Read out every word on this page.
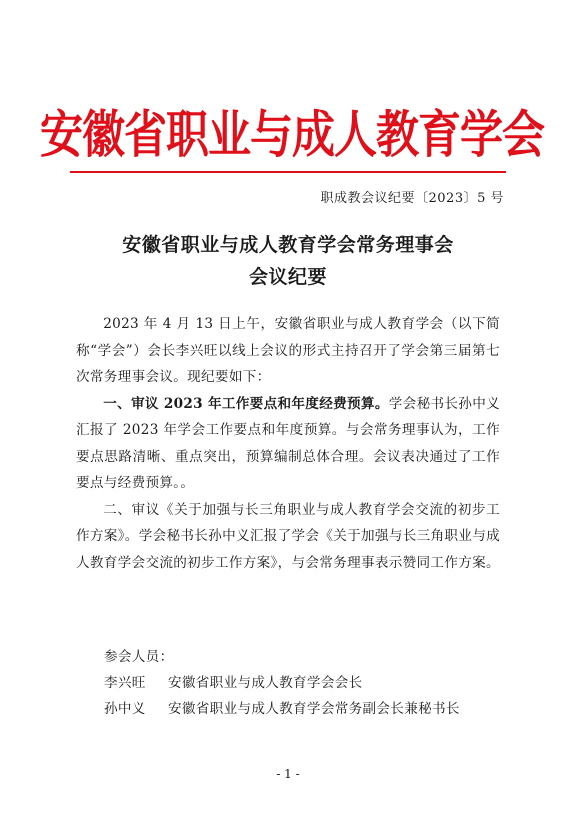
安徽省职业与成人教育学会
职成教会议纪要〔2023〕5 号
安徽省职业与成人教育学会常务理事会
会议纪要

2023 年 4 月 13 日上午，安徽省职业与成人教育学会（以下简称“学会”）会长李兴旺以线上会议的形式主持召开了学会第三届第七次常务理事会议。现纪要如下：

一、审议 2023 年工作要点和年度经费预算。学会秘书长孙中义汇报了 2023 年学会工作要点和年度预算。与会常务理事认为，工作要点思路清晰、重点突出，预算编制总体合理。会议表决通过了工作要点与经费预算。。

二、审议《关于加强与长三角职业与成人教育学会交流的初步工作方案》。学会秘书长孙中义汇报了学会《关于加强与长三角职业与成人教育学会交流的初步工作方案》，与会常务理事表示赞同工作方案。

参会人员：
李兴旺 安徽省职业与成人教育学会会长
孙中义 安徽省职业与成人教育学会常务副会长兼秘书长
- 1 -
